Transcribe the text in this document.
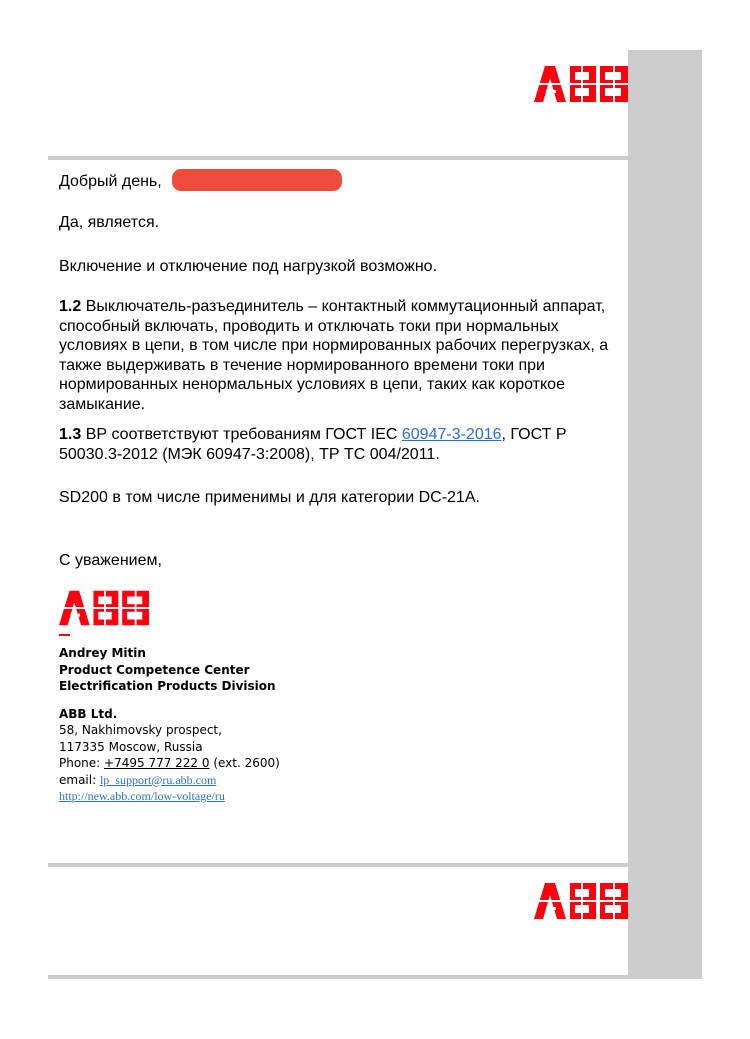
Добрый день,
Да, является.
Включение и отключение под нагрузкой возможно.
1.2 Выключатель-разъединитель – контактный коммутационный аппарат, способный включать, проводить и отключать токи при нормальных условиях в цепи, в том числе при нормированных рабочих перегрузках, а также выдерживать в течение нормированного времени токи при нормированных ненормальных условиях в цепи, таких как короткое замыкание.
1.3 ВР соответствуют требованиям ГОСТ IEC 60947-3-2016, ГОСТ Р 50030.3-2012 (МЭК 60947-3:2008), ТР ТС 004/2011.
SD200 в том числе применимы и для категории DC-21A.
С уважением,
Andrey Mitin
Product Competence Center
Electrification Products Division
ABB Ltd.
58, Nakhimovsky prospect,
117335 Moscow, Russia
Phone: +7495 777 222 0 (ext. 2600)
email: lp_support@ru.abb.com
http://new.abb.com/low-voltage/ru
